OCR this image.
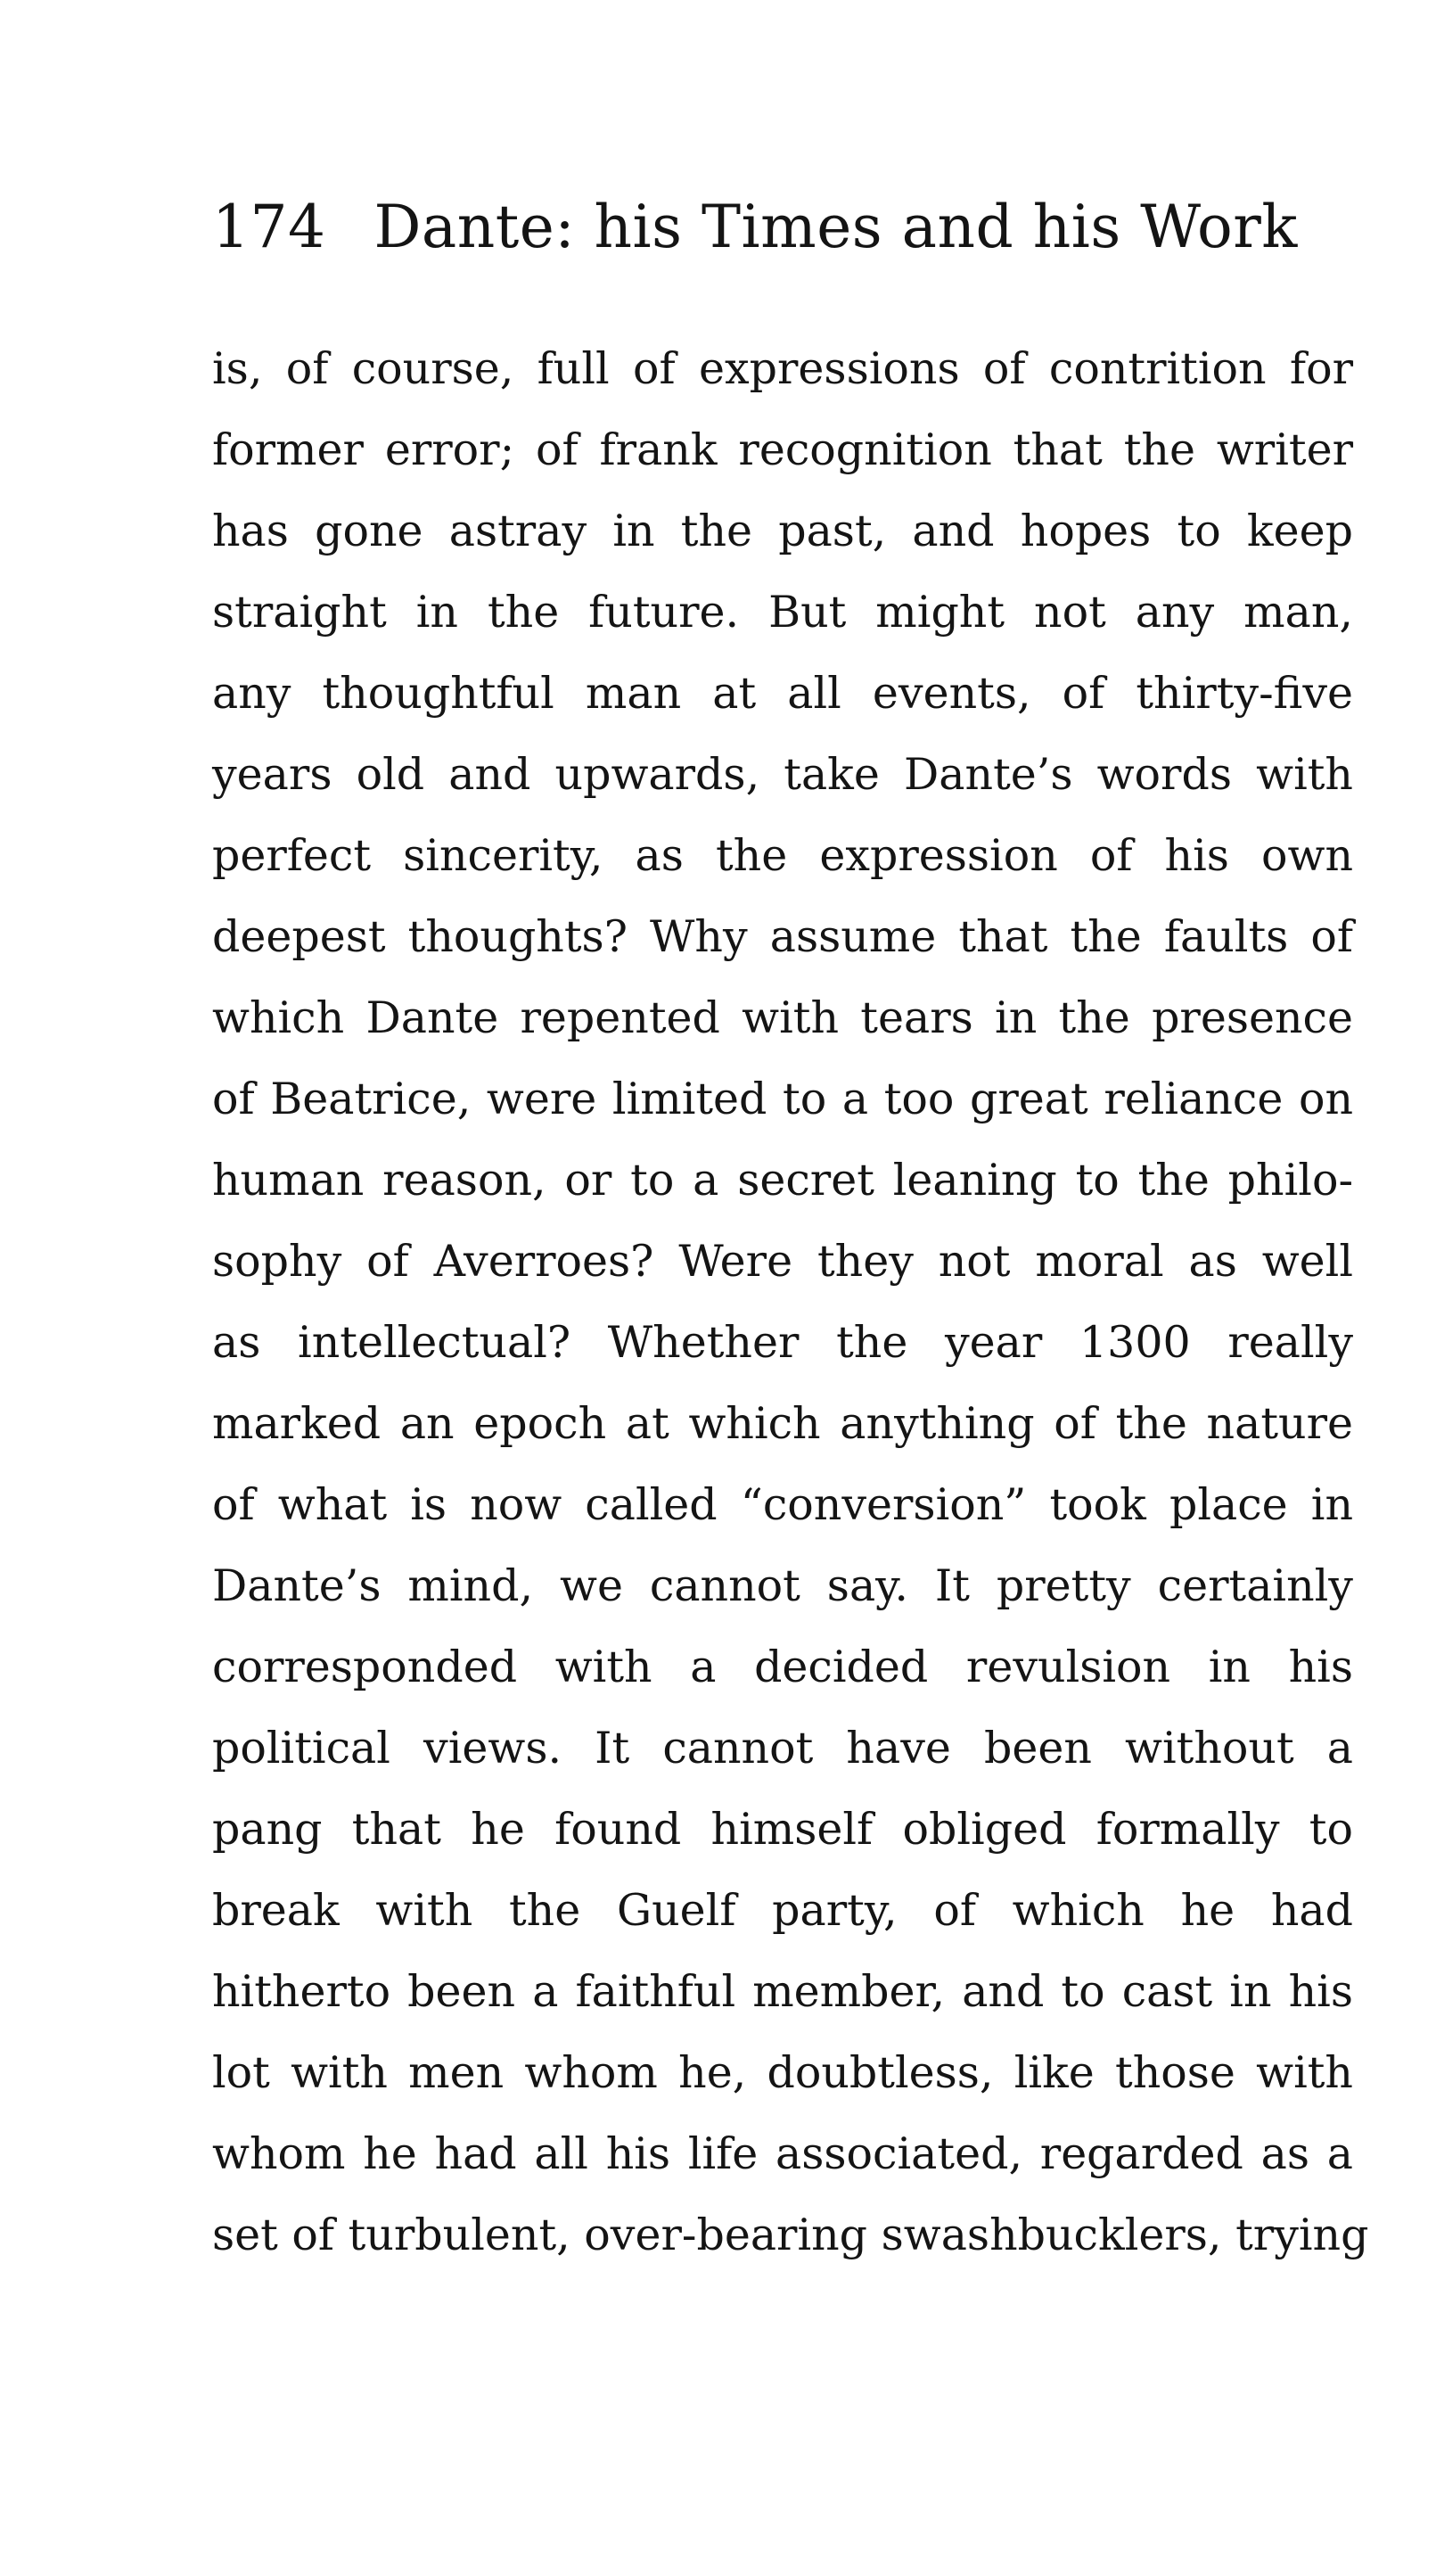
174 Dante: his Times and his Work
is, of course, full of expressions of contrition for
former error; of frank recognition that the writer
has gone astray in the past, and hopes to keep
straight in the future. But might not any man,
any thoughtful man at all events, of thirty-five
years old and upwards, take Dante’s words with
perfect sincerity, as the expression of his own
deepest thoughts? Why assume that the faults of
which Dante repented with tears in the presence
of Beatrice, were limited to a too great reliance on
human reason, or to a secret leaning to the philo-
sophy of Averroes? Were they not moral as well
as intellectual? Whether the year 1300 really
marked an epoch at which anything of the nature
of what is now called “conversion” took place in
Dante’s mind, we cannot say. It pretty certainly
corresponded with a decided revulsion in his
political views. It cannot have been without a
pang that he found himself obliged formally to
break with the Guelf party, of which he had
hitherto been a faithful member, and to cast in his
lot with men whom he, doubtless, like those with
whom he had all his life associated, regarded as a
set of turbulent, over-bearing swashbucklers, trying
